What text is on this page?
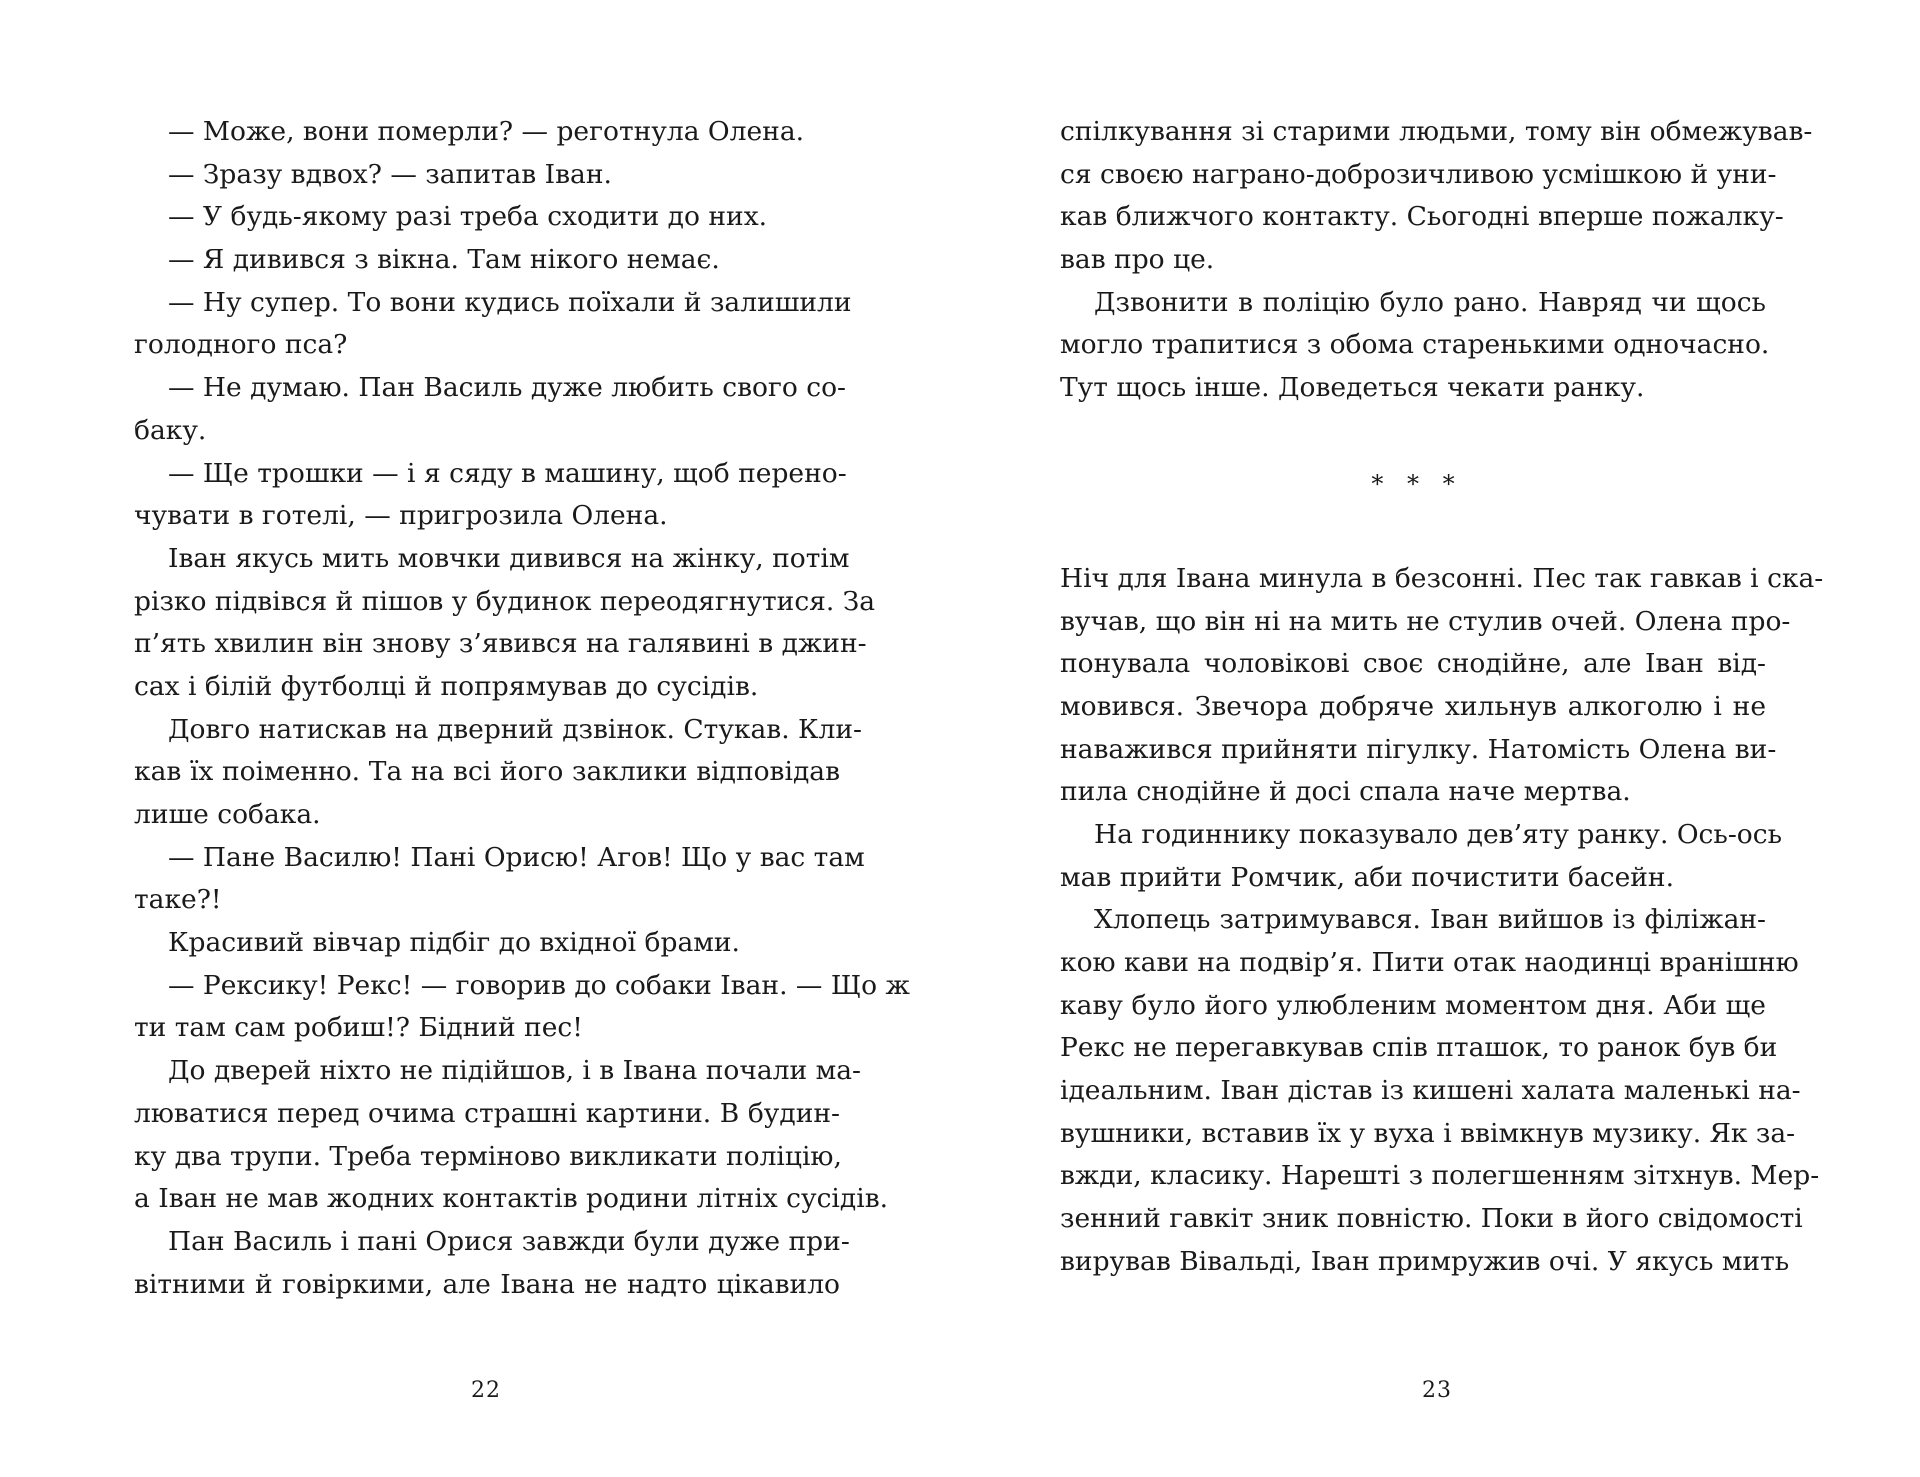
— Може, вони померли? — реготнула Олена.
— Зразу вдвох? — запитав Іван.
— У будь-якому разі треба сходити до них.
— Я дивився з вікна. Там нікого немає.
— Ну супер. То вони кудись поїхали й залишили
голодного пса?
— Не думаю. Пан Василь дуже любить свого со-
баку.
— Ще трошки — і я сяду в машину, щоб перено-
чувати в готелі, — пригрозила Олена.
Іван якусь мить мовчки дивився на жінку, потім
різко підвівся й пішов у будинок переодягнутися. За
п’ять хвилин він знову з’явився на галявині в джин-
сах і білій футболці й попрямував до сусідів.
Довго натискав на дверний дзвінок. Стукав. Кли-
кав їх поіменно. Та на всі його заклики відповідав
лише собака.
— Пане Василю! Пані Орисю! Агов! Що у вас там
таке?!
Красивий вівчар підбіг до вхідної брами.
— Рексику! Рекс! — говорив до собаки Іван. — Що ж
ти там сам робиш!? Бідний пес!
До дверей ніхто не підійшов, і в Івана почали ма-
люватися перед очима страшні картини. В будин-
ку два трупи. Треба терміново викликати поліцію,
а Іван не мав жодних контактів родини літніх сусідів.
Пан Василь і пані Орися завжди були дуже при-
вітними й говіркими, але Івана не надто цікавило
22
спілкування зі старими людьми, тому він обмежував-
ся своєю награно-доброзичливою усмішкою й уни-
кав ближчого контакту. Сьогодні вперше пожалку-
вав про це.
Дзвонити в поліцію було рано. Навряд чи щось
могло трапитися з обома старенькими одночасно.
Тут щось інше. Доведеться чекати ранку.
* * *
Ніч для Івана минула в безсонні. Пес так гавкав і ска-
вучав, що він ні на мить не стулив очей. Олена про-
понувала чоловікові своє снодійне, але Іван від-
мовився. Звечора добряче хильнув алкоголю і не
наважився прийняти пігулку. Натомість Олена ви-
пила снодійне й досі спала наче мертва.
На годиннику показувало дев’яту ранку. Ось-ось
мав прийти Ромчик, аби почистити басейн.
Хлопець затримувався. Іван вийшов із філіжан-
кою кави на подвір’я. Пити отак наодинці вранішню
каву було його улюбленим моментом дня. Аби ще
Рекс не перегавкував спів пташок, то ранок був би
ідеальним. Іван дістав із кишені халата маленькі на-
вушники, вставив їх у вуха і ввімкнув музику. Як за-
вжди, класику. Нарешті з полегшенням зітхнув. Мер-
зенний гавкіт зник повністю. Поки в його свідомості
вирував Вівальді, Іван примружив очі. У якусь мить
23
